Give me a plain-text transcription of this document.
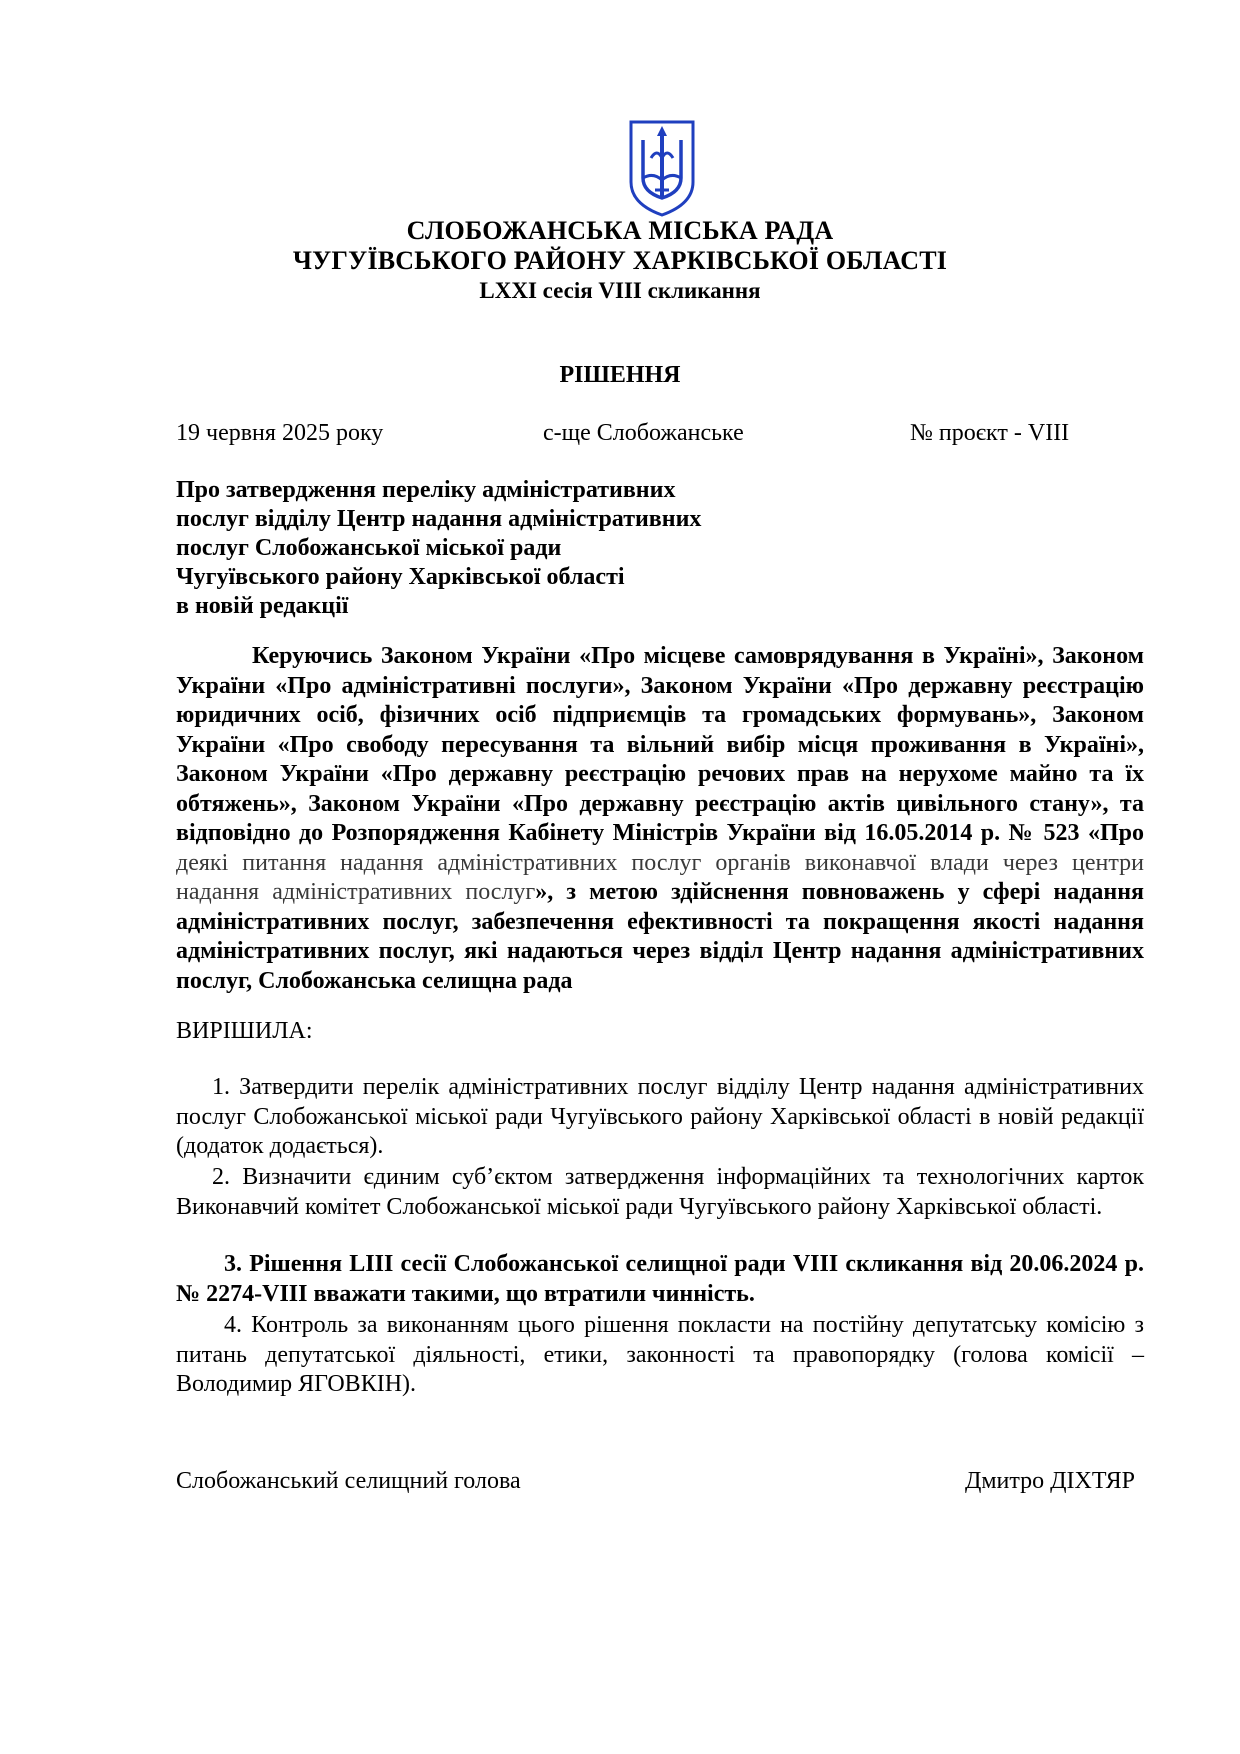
СЛОБОЖАНСЬКА МІСЬКА РАДА
ЧУГУЇВСЬКОГО РАЙОНУ ХАРКІВСЬКОЇ ОБЛАСТІ
LXXI сесія VIII скликання
РІШЕННЯ
19 червня 2025 року	с-ще Слобожанське	№ проєкт - VIII
Про затвердження переліку адміністративних
послуг відділу Центр надання адміністративних
послуг Слобожанської міської ради
Чугуївського району Харківської області
в новій редакції
Керуючись Законом України «Про місцеве самоврядування в Україні», Законом України «Про адміністративні послуги», Законом України «Про державну реєстрацію юридичних осіб, фізичних осіб підприємців та громадських формувань», Законом України «Про свободу пересування та вільний вибір місця проживання в Україні», Законом України «Про державну реєстрацію речових прав на нерухоме майно та їх обтяжень», Законом України «Про державну реєстрацію актів цивільного стану», та відповідно до Розпорядження Кабінету Міністрів України від 16.05.2014 р. № 523 «Про деякі питання надання адміністративних послуг органів виконавчої влади через центри надання адміністративних послуг», з метою здійснення повноважень у сфері надання адміністративних послуг, забезпечення ефективності та покращення якості надання адміністративних послуг, які надаються через відділ Центр надання адміністративних послуг, Слобожанська селищна рада
ВИРІШИЛА:
1. Затвердити перелік адміністративних послуг відділу Центр надання адміністративних послуг Слобожанської міської ради Чугуївського району Харківської області в новій редакції (додаток додається).
2. Визначити єдиним суб’єктом затвердження інформаційних та технологічних карток Виконавчий комітет Слобожанської міської ради Чугуївського району Харківської області.
3. Рішення LIII сесії Слобожанської селищної ради VIII скликання від 20.06.2024 р. № 2274-VIII вважати такими, що втратили чинність.
4. Контроль за виконанням цього рішення покласти на постійну депутатську комісію з питань депутатської діяльності, етики, законності та правопорядку (голова комісії – Володимир ЯГОВКІН).
Слобожанський селищний голова	Дмитро ДІХТЯР
